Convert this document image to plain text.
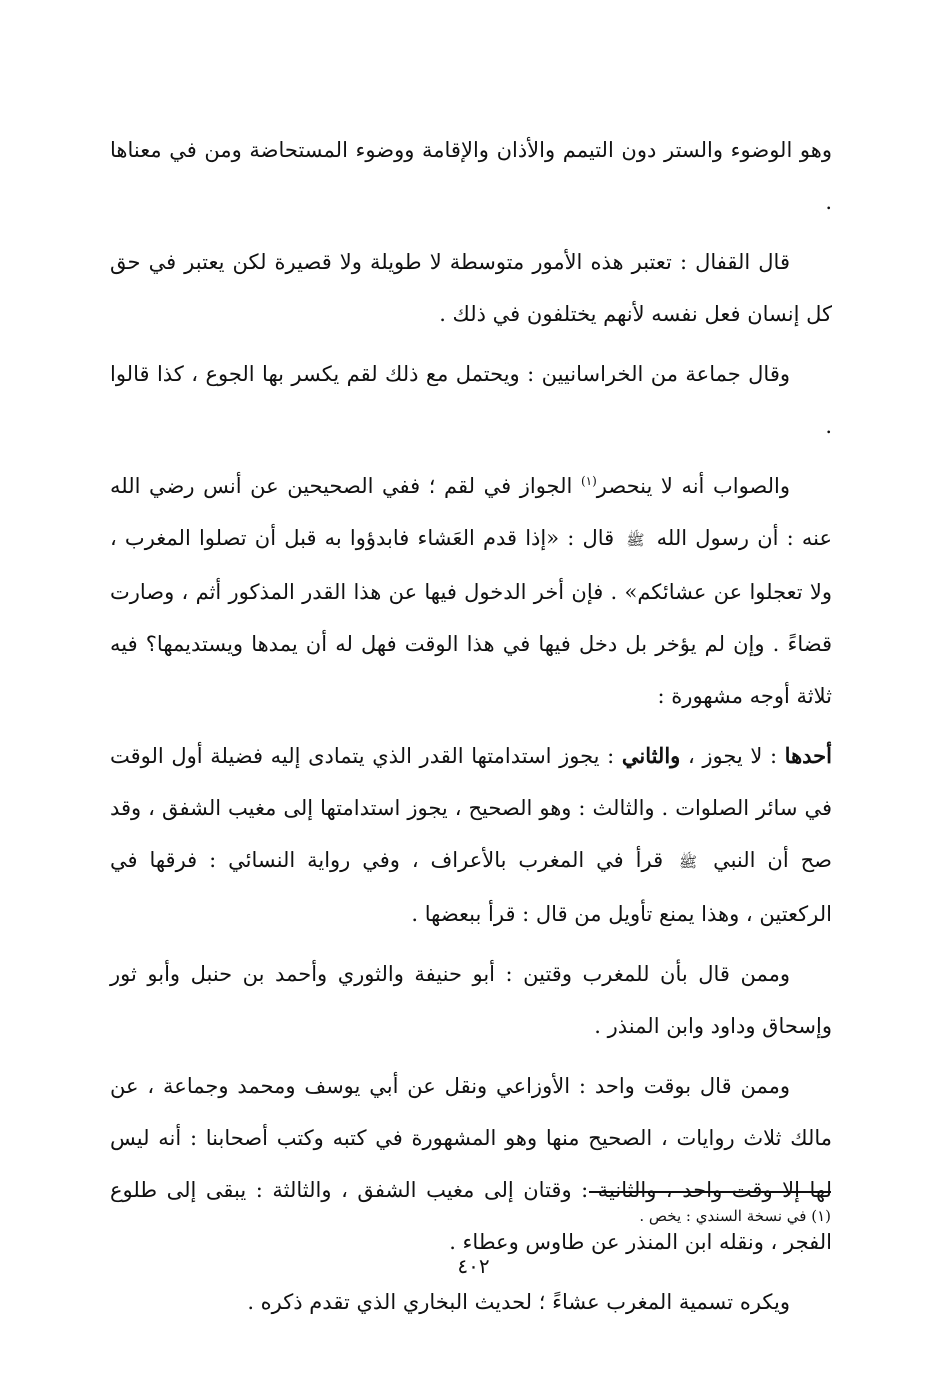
وهو الوضوء والستر دون التيمم والأذان والإقامة ووضوء المستحاضة ومن في معناها .

قال القفال : تعتبر هذه الأمور متوسطة لا طويلة ولا قصيرة لكن يعتبر في حق كل إنسان فعل نفسه لأنهم يختلفون في ذلك .

وقال جماعة من الخراسانيين : ويحتمل مع ذلك لقم يكسر بها الجوع ، كذا قالوا .

والصواب أنه لا ينحصر$^{(١)}$ الجواز في لقم ؛ ففي الصحيحين عن أنس رضي الله عنه : أن رسول الله ﷺ قال : «إذا قدم العَشاء فابدؤوا به قبل أن تصلوا المغرب ، ولا تعجلوا عن عشائكم» . فإن أخر الدخول فيها عن هذا القدر المذكور أثم ، وصارت قضاءً . وإن لم يؤخر بل دخل فيها في هذا الوقت فهل له أن يمدها ويستديمها؟ فيه ثلاثة أوجه مشهورة :

أحدها : لا يجوز ، والثاني : يجوز استدامتها القدر الذي يتمادى إليه فضيلة أول الوقت في سائر الصلوات . والثالث : وهو الصحيح ، يجوز استدامتها إلى مغيب الشفق ، وقد صح أن النبي ﷺ قرأ في المغرب بالأعراف ، وفي رواية النسائي : فرقها في الركعتين ، وهذا يمنع تأويل من قال : قرأ ببعضها .

وممن قال بأن للمغرب وقتين : أبو حنيفة والثوري وأحمد بن حنبل وأبو ثور وإسحاق وداود وابن المنذر .

وممن قال بوقت واحد : الأوزاعي ونقل عن أبي يوسف ومحمد وجماعة ، عن مالك ثلاث روايات ، الصحيح منها وهو المشهورة في كتبه وكتب أصحابنا : أنه ليس لها إلا وقت واحد ، والثانية : وقتان إلى مغيب الشفق ، والثالثة : يبقى إلى طلوع الفجر ، ونقله ابن المنذر عن طاوس وعطاء .

ويكره تسمية المغرب عشاءً ؛ لحديث البخاري الذي تقدم ذكره .

(١) في نسخة السندي : يخص .
٤٠٢
